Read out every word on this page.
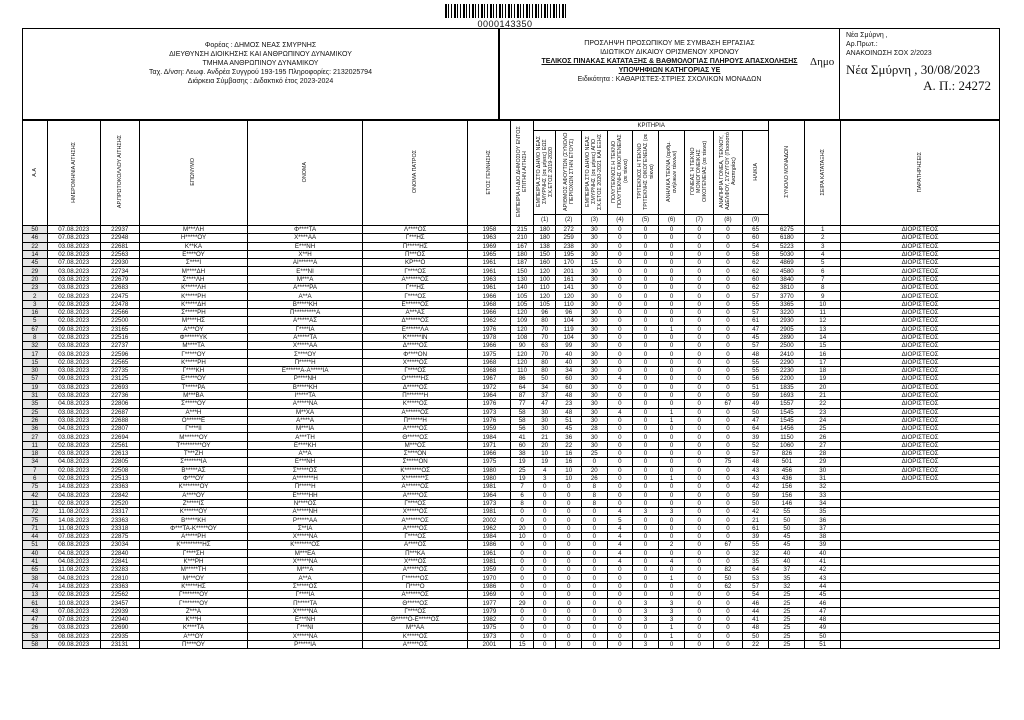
0000143350
Φορέας : ΔΗΜΟΣ ΝΕΑΣ ΣΜΥΡΝΗΣ
ΔΙΕΥΘΥΝΣΗ ΔΙΟΙΚΗΣΗΣ ΚΑΙ ΑΝΘΡΩΠΙΝΟΥ ΔΥΝΑΜΙΚΟΥ
ΤΜΗΜΑ ΑΝΘΡΩΠΙΝΟΥ ΔΥΝΑΜΙΚΟΥ
Ταχ. Δ/νση: Λεωφ. Ανδρέα Συγγρού 193-195 Πληροφορίες: 2132025794
Διάρκεια Σύμβασης : Διδακτικό έτος 2023-2024
ΠΡΟΣΛΗΨΗ ΠΡΟΣΩΠΙΚΟΥ ΜΕ ΣΥΜΒΑΣΗ ΕΡΓΑΣΙΑΣ
ΙΔΙΩΤΙΚΟΥ ΔΙΚΑΙΟΥ ΟΡΙΣΜΕΝΟΥ ΧΡΟΝΟΥ
ΤΕΛΙΚΟΣ ΠΙΝΑΚΑΣ ΚΑΤΑΤΑΞΗΣ & ΒΑΘΜΟΛΟΓΙΑΣ ΠΛΗΡΟΥΣ ΑΠΑΣΧΟΛΗΣΗΣ
ΥΠΟΨΗΦΙΩΝ ΚΑΤΗΓΟΡΙΑΣ ΥΕ
Ειδικότητα : ΚΑΘΑΡΙΣΤΕΣ-ΣΤΡΙΕΣ ΣΧΟΛΙΚΩΝ ΜΟΝΑΔΩΝ
Νέα Σμύρνη ,
Αρ.Πρωτ.:
ΑΝΑΚΟΙΝΩΣΗ ΣΟΧ 2/2023
Νέα Σμύρνη , 30/08/2023
Α. Π.: 24272
Δημο
Α.Α	ΗΜΕΡΟΜΗΝΙΑ ΑΙΤΗΣΗΣ	ΑΡ.ΠΡΩΤΟΚΟΛΛΟΥ ΑΙΤΗΣΗΣ	ΕΠΩΝΥΜΟ	ΟΝΟΜΑ	ΟΝΟΜΑ ΠΑΤΡΟΣ	ΕΤΟΣ ΓΕΝΝΗΣΗΣ	ΕΜΠΕΙΡΙΑ Η ΔΙΟ ΔΗΜΟΣΙΟΥ ΕΝΤΟΣ ΕΠΙΤΗΝ ΑΙΤΗΣΗ	ΚΡΙΤΗΡΙΑ									ΣΥΝΟΛΟ ΜΟΝΑΔΩΝ	ΣΕΙΡΑ ΚΑΤΑΤΑΞΗΣ	ΠΑΡΑΤΗΡΗΣΕΙΣ
								ΕΜΠΕΙΡΙΑ ΣΤΟ ΔΗΜΟ ΝΕΑΣ ΣΜΥΡΝΗΣ (σε μήνες) ΕΩΣ ΣΧ.ΕΤΟΣ 2019-2020	ΑΡΙΘΜΟΣ ΑΦΟΥΤΩΝ (ΣΥΝΟΛΟ ΠΕΡΙΟΧΩΝ ΣΤΗΝ ΕΤΟΥΣ)	ΕΜΠΕΙΡΙΑ ΣΤΟ ΔΗΜΟ ΝΕΑΣ ΣΜΥΡΝΗΣ (σε μήνες) ΑΠΟ ΣΧ.ΕΤΟΣ 2020-2021 ΚΑΙ ΕΞΗΣ	ΠΟΛΥΤΕΚΝΟΣ Η ΤΕΚΝΟ ΠΟΛΥΤΕΚΝΗΣ ΟΙΚΟΓΕΝΕΙΑΣ (σε τέκνα)	ΤΡΙΤΕΚΝΟΣ Η ΤΕΚΝΟ ΤΡΙΤΕΚΝΗΣ ΟΙΚΟΓΕΝΕΙΑΣ (σε τέκνα)	ΑΝΗΛΙΚΑ ΤΕΚΝΑ (αριθμ. ανήλικων τέκνων)	ΓΟΝΕΑΣ Ή ΤΕΚΝΟ ΜΟΝΟΓΟΝΕΙΚΗΣ ΟΙΚΟΓΕΝΕΙΑΣ (σε τέκνα)	ΑΝΑΠΗΡΙΑ ΓΟΝΕΑ, ΤΕΚΝΟΥ, ΑΔΕΛΦΟΥ, ΣΥΖΥΓΟΥ (Ποσοστό Αναπηρίας)	ΗΛΙΚΙΑ			
								(1)	(2)	(3)	(4)	(5)	(6)	(7)	(8)	(9)			
50	07.08.2023	22937	Μ***ΛΗ	Φ****ΤΑ	Λ****ΟΣ	1958	215	180	272	30	0	0	0	0	0	65	6275	1	ΔΙΟΡΙΣΤΕΟΣ
46	07.08.2023	22948	Η*****ΟΥ	Χ****ΑΑ	Γ***ΗΣ	1963	210	180	259	30	0	0	0	0	0	60	6180	2	ΔΙΟΡΙΣΤΕΟΣ
22	03.08.2023	22681	Κ**ΚΑ	Ε***ΝΗ	Π*****ΗΣ	1969	167	138	238	30	0	0	0	0	0	54	5223	3	ΔΙΟΡΙΣΤΕΟΣ
14	02.08.2023	22563	Ε****ΟΥ	Χ**Η	Π***ΟΣ	1965	180	150	195	30	0	0	0	0	0	58	5030	4	ΔΙΟΡΙΣΤΕΟΣ
45	07.08.2023	22930	Σ****Ι	ΑΙ******Α	ΚΡ***Ο	1961	187	160	170	15	0	0	0	0	0	62	4869	5	ΔΙΟΡΙΣΤΕΟΣ
29	03.08.2023	22734	Μ****ΔΗ	Ε***ΝΙ	Γ****ΟΣ	1961	150	120	201	30	0	0	0	0	0	62	4580	6	ΔΙΟΡΙΣΤΕΟΣ
20	03.08.2023	22679	Σ****ΛΗ	Μ***Α	Α******ΟΣ	1963	130	100	161	30	0	0	0	0	0	60	3840	7	ΔΙΟΡΙΣΤΕΟΣ
23	03.08.2023	22683	Κ*****ΛΗ	Α*****ΡΑ	Γ***ΗΣ	1961	140	110	141	30	0	0	0	0	0	62	3810	8	ΔΙΟΡΙΣΤΕΟΣ
2	02.08.2023	22475	Κ*****ΡΗ	Α**Α	Γ****ΟΣ	1966	105	120	120	30	0	0	0	0	0	57	3770	9	ΔΙΟΡΙΣΤΕΟΣ
3	02.08.2023	22478	Κ*****ΔΗ	Β*****ΚΗ	Ε******ΟΣ	1968	105	105	110	30	0	0	0	0	0	55	3365	10	ΔΙΟΡΙΣΤΕΟΣ
16	02.08.2023	22566	Σ*****ΡΗ	Π*********Α	Α***ΑΣ	1966	120	96	96	30	0	0	0	0	0	57	3220	11	ΔΙΟΡΙΣΤΕΟΣ
5	02.08.2023	22500	Μ****ΗΣ	Α*****ΑΣ	Δ******ΟΣ	1962	109	80	104	30	0	0	0	0	0	61	2930	12	ΔΙΟΡΙΣΤΕΟΣ
67	09.08.2023	23165	Α***ΟΥ	Γ****ΙΑ	Ε******ΛΑ	1976	120	70	119	30	0	0	1	0	0	47	2905	13	ΔΙΟΡΙΣΤΕΟΣ
8	02.08.2023	22516	Φ******ΥΚ	Α*****ΤΑ	Κ******ΙΝ	1978	108	70	104	30	0	0	0	0	0	45	2890	14	ΔΙΟΡΙΣΤΕΟΣ
32	03.08.2023	22737	Μ****ΤΑ	Χ*****ΑΑ	Δ*****ΟΣ	1966	90	63	99	30	0	0	0	0	0	57	2500	15	ΔΙΟΡΙΣΤΕΟΣ
17	03.08.2023	22596	Γ*****ΟΥ	Σ****ΟΥ	Φ****ΟΝ	1975	120	70	40	30	0	0	0	0	0	48	2410	16	ΔΙΟΡΙΣΤΕΟΣ
15	02.08.2023	22565	Κ*****ΡΗ	Π*****Η	Χ*****ΟΣ	1968	120	80	40	30	0	0	0	0	0	55	2290	17	ΔΙΟΡΙΣΤΕΟΣ
30	03.08.2023	22735	Γ****ΚΗ	Ε******Α-Α*****ΙΑ	Γ****ΟΣ	1968	110	80	34	30	0	0	0	0	0	55	2230	18	ΔΙΟΡΙΣΤΕΟΣ
57	09.08.2023	23125	Ε*****ΟΥ	Ρ****ΝΗ	Ο******ΗΣ	1967	86	50	60	30	4	0	0	0	0	56	2200	19	ΔΙΟΡΙΣΤΕΟΣ
19	03.08.2023	22693	Τ*****ΡΑ	Β*****ΚΗ	Δ*****ΟΣ	1972	64	34	60	30	0	0	0	0	0	51	1835	20	ΔΙΟΡΙΣΤΕΟΣ
31	03.08.2023	22736	Μ***ΒΑ	Ι*****ΤΑ	Π*******Η	1964	87	37	48	30	0	0	0	0	0	59	1693	21	ΔΙΟΡΙΣΤΕΟΣ
35	04.08.2023	22806	Σ*****ΟΥ	Α*****ΝΑ	Κ*****ΟΣ	1976	77	47	23	30	0	0	0	0	67	49	1557	22	ΔΙΟΡΙΣΤΕΟΣ
25	03.08.2023	22687	Α***Η	Μ**ΧΑ	Α******ΟΣ	1973	58	30	48	30	4	0	1	0	0	50	1545	23	ΔΙΟΡΙΣΤΕΟΣ
26	03.08.2023	22688	Ο******Ε	Α****Α	Π******Η	1976	58	30	51	30	0	0	1	0	0	47	1545	24	ΔΙΟΡΙΣΤΕΟΣ
36	04.08.2023	22807	Γ****ΙΙ	Μ***ΙΑ	Α*****ΟΣ	1959	56	30	45	28	0	0	0	0	0	64	1456	25	ΔΙΟΡΙΣΤΕΟΣ
27	03.08.2023	22694	Μ******ΟΥ	Α***ΤΗ	Θ*****ΟΣ	1984	41	21	36	30	0	0	0	0	0	39	1150	26	ΔΙΟΡΙΣΤΕΟΣ
11	02.08.2023	22561	Τ*********ΟΥ	Ε****ΚΗ	Μ***ΟΣ	1971	60	20	22	30	0	0	0	0	0	52	1060	27	ΔΙΟΡΙΣΤΕΟΣ
18	03.08.2023	22613	Τ***ΖΗ	Α**Α	Σ****ΟΝ	1966	38	10	16	25	0	0	0	0	0	57	826	28	ΔΙΟΡΙΣΤΕΟΣ
34	04.08.2023	22805	Σ*******ΙΑ	Ε***ΝΗ	Σ*****ΟΝ	1975	19	19	16	0	0	0	0	0	75	48	501	29	ΔΙΟΡΙΣΤΕΟΣ
7	02.08.2023	22508	Β*****ΑΣ	Σ*****ΟΣ	Κ*******ΟΣ	1980	25	4	10	20	0	0	0	0	0	43	456	30	ΔΙΟΡΙΣΤΕΟΣ
6	02.08.2023	22513	Φ***ΟΥ	Α*******Η	Χ********Σ	1980	19	3	10	26	0	0	1	0	0	43	436	31	ΔΙΟΡΙΣΤΕΟΣ
75	14.08.2023	23363	Κ*******ΟΥ	Π*****Η	Α******ΟΣ	1981	7	0	0	8	0	0	0	0	0	42	156	32	
42	04.08.2023	22842	Α****ΟΥ	Ε*****ΗΗ	Α*****ΟΣ	1964	6	0	0	8	0	0	0	0	0	59	156	33	
11	02.08.2023	22520	Ζ*****ΙΣ	Ν****ΟΣ	Γ****ΟΣ	1973	8	0	0	8	0	0	0	0	0	50	146	34	
72	11.08.2023	23317	Κ******ΟΥ	Α*****ΝΗ	Χ*****ΟΣ	1981	0	0	0	0	4	3	3	0	0	42	55	35	
75	14.08.2023	23363	Β*****ΚΗ	Ρ*****ΑΑ	Α******ΟΣ	2002	0	0	0	0	5	0	0	0	0	21	50	36	
71	11.08.2023	23318	Φ***ΤΑ-Κ*****ΟΥ	Σ**ΙΑ	Α*****ΟΣ	1962	20	0	0	0	4	0	0	0	0	61	50	37	
44	07.08.2023	22875	Α*****ΡΗ	Χ*****ΝΑ	Γ****ΟΣ	1984	10	0	0	0	4	0	0	0	0	39	45	38	
51	08.08.2023	23034	Κ*********ΗΣ	Κ*******ΟΣ	Α****ΟΣ	1986	0	0	0	0	4	0	2	0	67	55	45	39	
40	04.08.2023	22840	Γ****ΣΗ	Μ***ΕΑ	Π***ΚΑ	1961	0	0	0	0	4	0	0	0	0	32	40	40	
41	04.08.2023	22841	Κ***ΡΗ	Χ*****ΝΑ	Χ****ΟΣ	1981	0	0	0	0	4	0	4	0	0	35	40	41	
65	11.08.2023	23283	Μ*****ΤΗ	Μ***Α	Α*****ΟΣ	1959	0	0	0	0	0	0	0	0	82	64	37	42	
38	04.08.2023	22810	Μ***ΟΥ	Α**Α	Γ******ΟΣ	1970	0	0	0	0	0	0	1	0	50	53	35	43	
74	14.08.2023	23363	Κ*****ΗΣ	Σ*****ΟΣ	Π****Ο	1986	0	0	0	0	0	0	0	0	62	57	32	44	
13	02.08.2023	22562	Γ*******ΟΥ	Γ****ΙΑ	Α******ΟΣ	1969	0	0	0	0	0	0	0	0	0	54	25	45	
61	10.08.2023	23457	Γ*******ΟΥ	Π*****ΤΑ	Θ*****ΟΣ	1977	29	0	0	0	0	3	3	0	0	46	25	46	
43	07.08.2023	22939	Ζ***Α	Χ*****ΝΑ	Γ****ΟΣ	1979	0	0	0	0	0	3	3	0	0	44	25	47	
47	07.08.2023	22940	Κ***Η	Ε***ΝΗ	Θ*****Ο-Ε*****ΟΣ	1982	0	0	0	0	0	3	3	0	0	41	25	48	
26	03.08.2023	22690	Κ****ΤΑ	Γ***ΝΙ	Μ**ΑΑ	1975	0	0	0	0	0	0	1	0	0	48	25	49	
53	08.08.2023	22935	Α***ΟΥ	Χ*****ΝΑ	Κ*****ΟΣ	1973	0	0	0	0	0	0	1	0	0	50	25	50	
58	09.08.2023	23131	Π****ΟΥ	Ρ*****ΙΑ	Α*****ΟΣ	2001	15	0	0	0	0	3	0	0	0	22	25	51	
